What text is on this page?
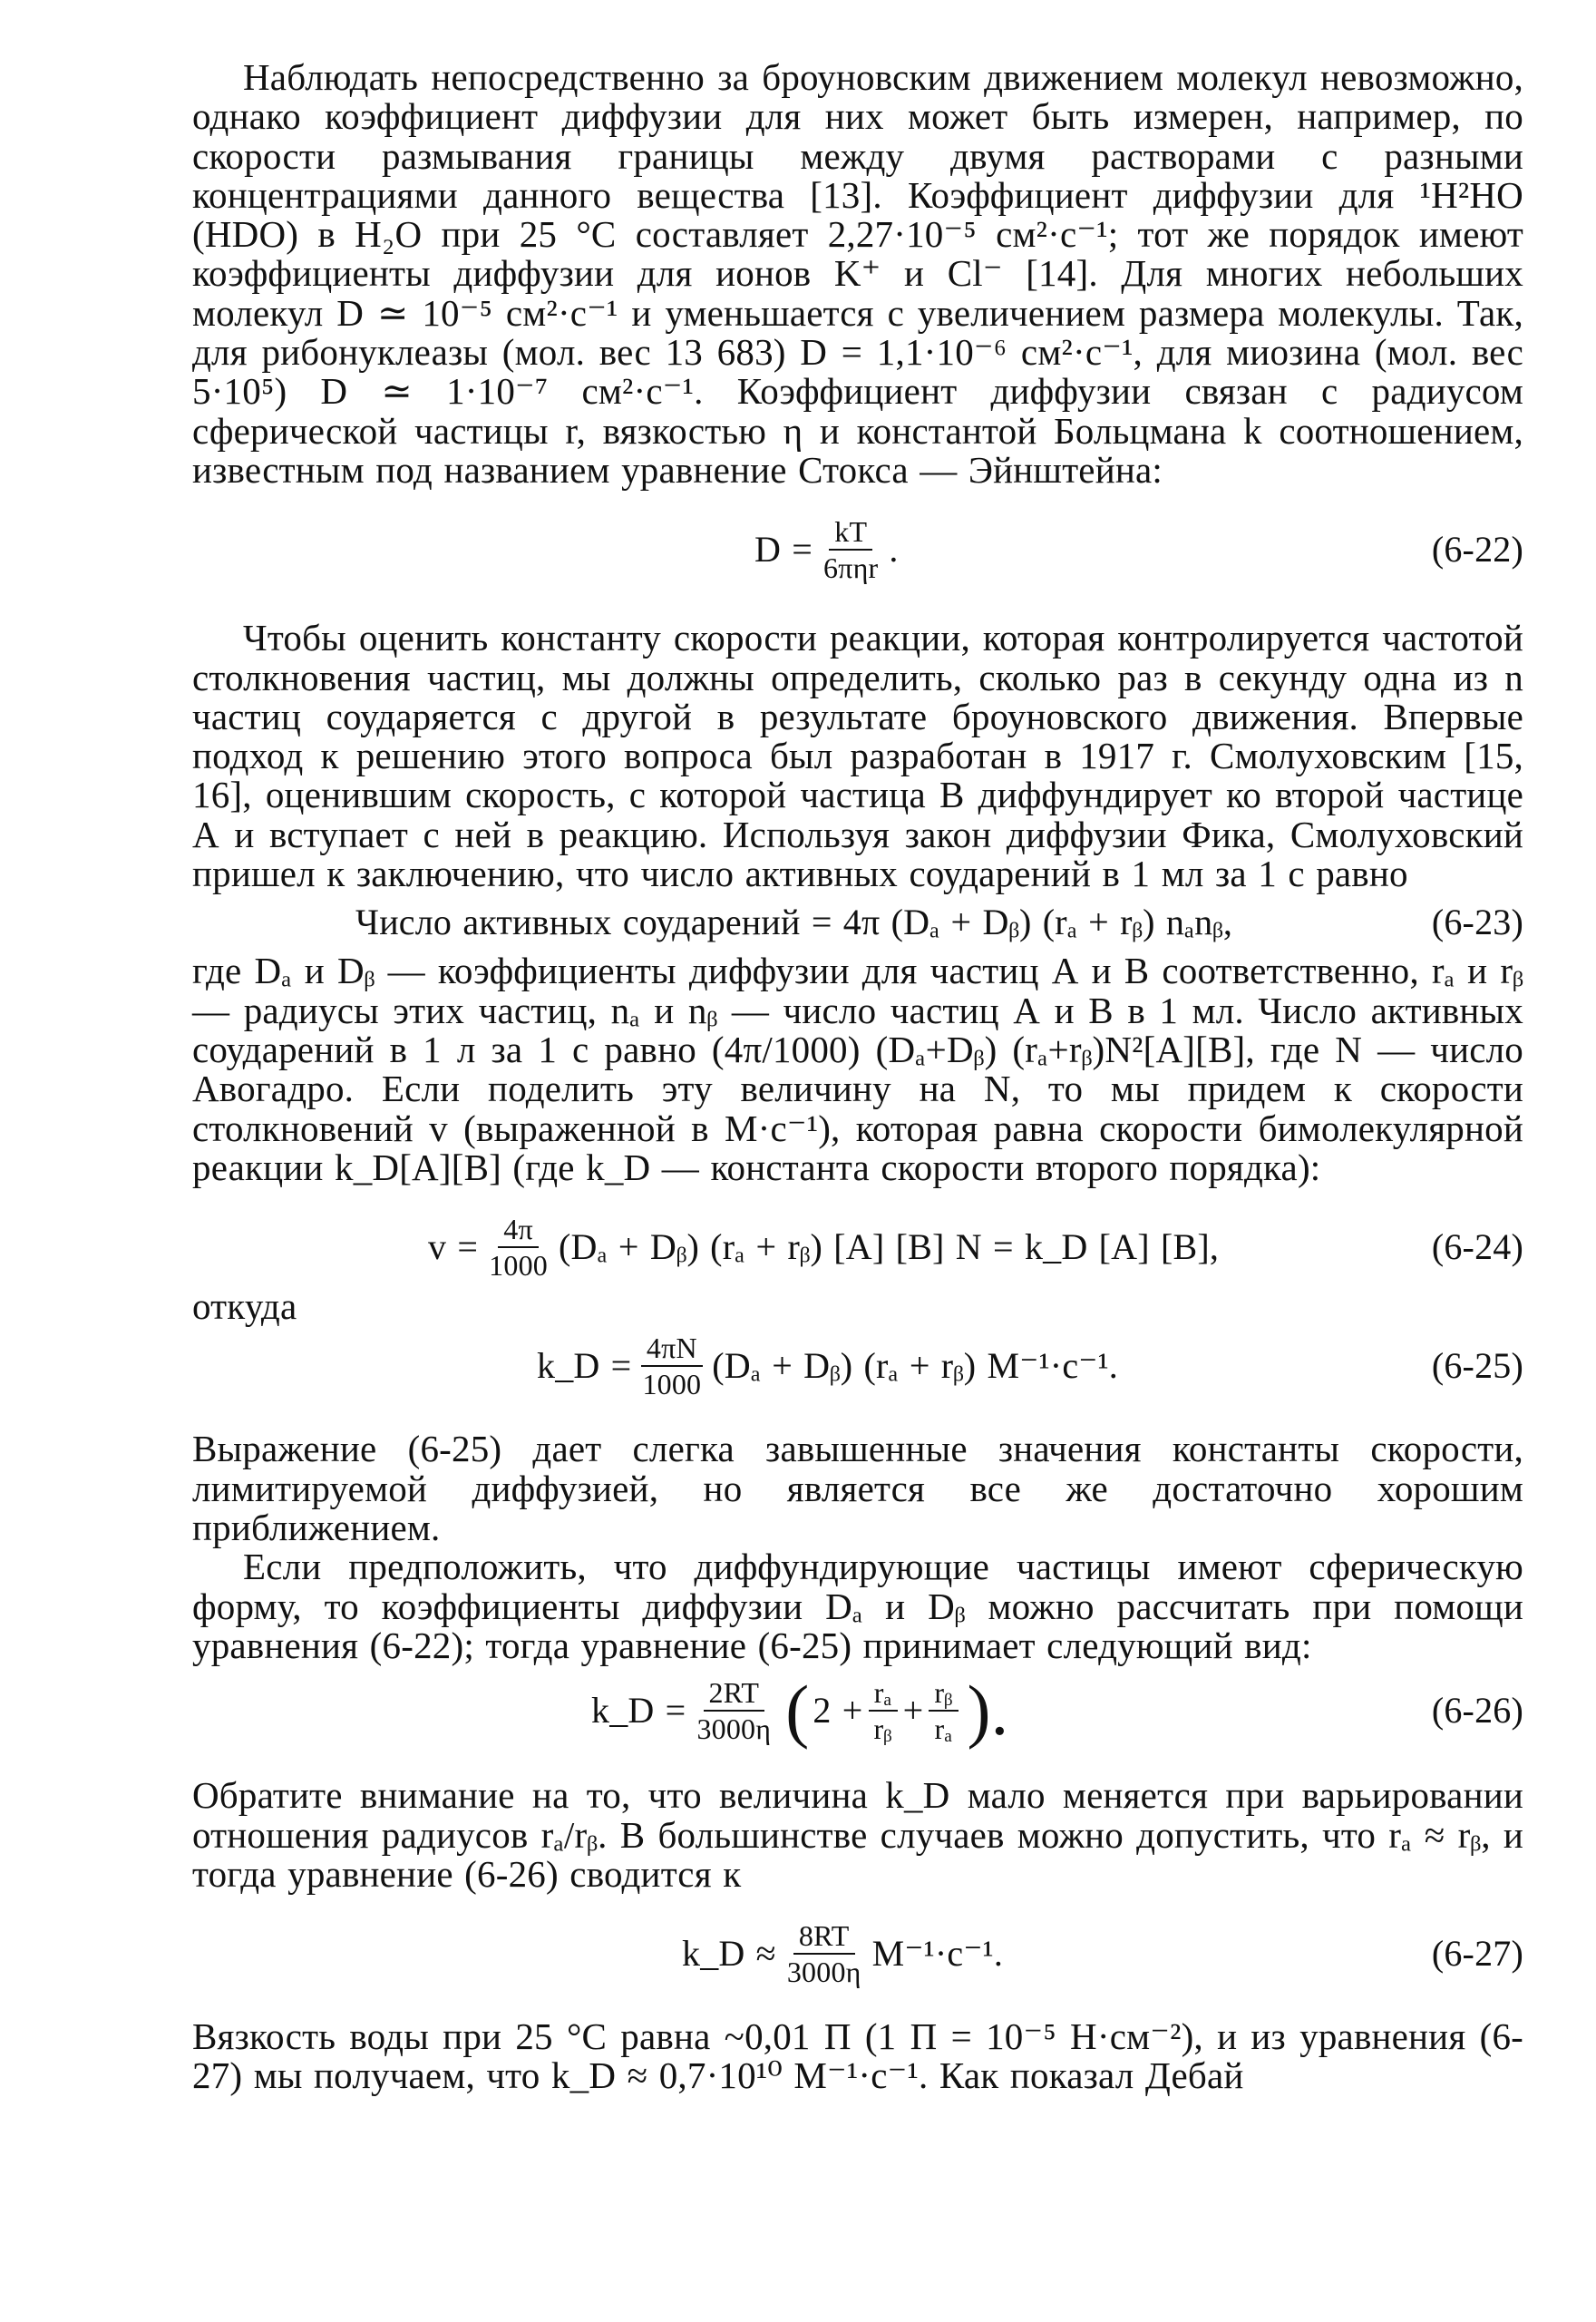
Наблюдать непосредственно за броуновским движением молекул невозможно, однако коэффициент диффузии для них может быть измерен, например, по скорости размывания границы между двумя растворами с разными концентрациями данного вещества [13]. Коэффициент диффузии для ¹H²HO (HDO) в H₂O при 25 °С составляет 2,27·10⁻⁵ см²·с⁻¹; тот же порядок имеют коэффициенты диффузии для ионов K⁺ и Cl⁻ [14]. Для многих небольших молекул D ≃ 10⁻⁵ см²·с⁻¹ и уменьшается с увеличением размера молекулы. Так, для рибонуклеазы (мол. вес 13 683) D = 1,1·10⁻⁶ см²·с⁻¹, для миозина (мол. вес 5·10⁵) D ≃ 1·10⁻⁷ см²·с⁻¹. Коэффициент диффузии связан с радиусом сферической частицы r, вязкостью η и константой Больцмана k соотношением, известным под названием уравнение Стокса — Эйнштейна:

$D = \frac{kT}{\text{6πηr}}$ .	(6-22)

Чтобы оценить константу скорости реакции, которая контролируется частотой столкновения частиц, мы должны определить, сколько раз в секунду одна из n частиц соударяется с другой в результате броуновского движения. Впервые подход к решению этого вопроса был разработан в 1917 г. Смолуховским [15, 16], оценившим скорость, с которой частица В диффундирует ко второй частице А и вступает с ней в реакцию. Используя закон диффузии Фика, Смолуховский пришел к заключению, что число активных соударений в 1 мл за 1 с равно

Число активных соударений = 4π (Dₐ + Dᵦ) (rₐ + rᵦ) nₐnᵦ,	(6-23)

где Dₐ и Dᵦ — коэффициенты диффузии для частиц А и В соответственно, rₐ и rᵦ — радиусы этих частиц, nₐ и nᵦ — число частиц А и В в 1 мл. Число активных соударений в 1 л за 1 с равно (4π/1000) (Dₐ+Dᵦ) (rₐ+rᵦ)N²[A][B], где N — число Авогадро. Если поделить эту величину на N, то мы придем к скорости столкновений v (выраженной в М·с⁻¹), которая равна скорости бимолекулярной реакции k_D[A][B] (где k_D — константа скорости второго порядка):

$v = \frac{4\pi}{1000} (D_a$ + Dᵦ) (rₐ + rᵦ) [A] [B] N = k_D [A] [B],	(6-24)

откуда

k_D = $\frac{4\pi N}{1000} (D_a$ + Dᵦ) (rₐ + rᵦ) М⁻¹·с⁻¹.	(6-25)

Выражение (6-25) дает слегка завышенные значения константы скорости, лимитируемой диффузией, но является все же достаточно хорошим приближением.

Если предположить, что диффундирующие частицы имеют сферическую форму, то коэффициенты диффузии Dₐ и Dᵦ можно рассчитать при помощи уравнения (6-22); тогда уравнение (6-25) принимает следующий вид:

k_D = $\frac{2RT}{3000\eta}$ ( $2 + \frac{\text{rₐ}}{\text{rᵦ}} + \frac{\text{rᵦ}}{\text{rₐ}}$ ).	(6-26)

Обратите внимание на то, что величина k_D мало меняется при варьировании отношения радиусов rₐ/rᵦ. В большинстве случаев можно допустить, что rₐ ≈ rᵦ, и тогда уравнение (6-26) сводится к

k_D ≈ $\frac{8RT}{3000\eta} М^{-1}\cdot с^{-1}$.	(6-27)

Вязкость воды при 25 °С равна ~0,01 П (1 П = 10⁻⁵ Н·см⁻²), и из уравнения (6-27) мы получаем, что k_D ≈ 0,7·10¹⁰ М⁻¹·с⁻¹. Как показал Дебай
